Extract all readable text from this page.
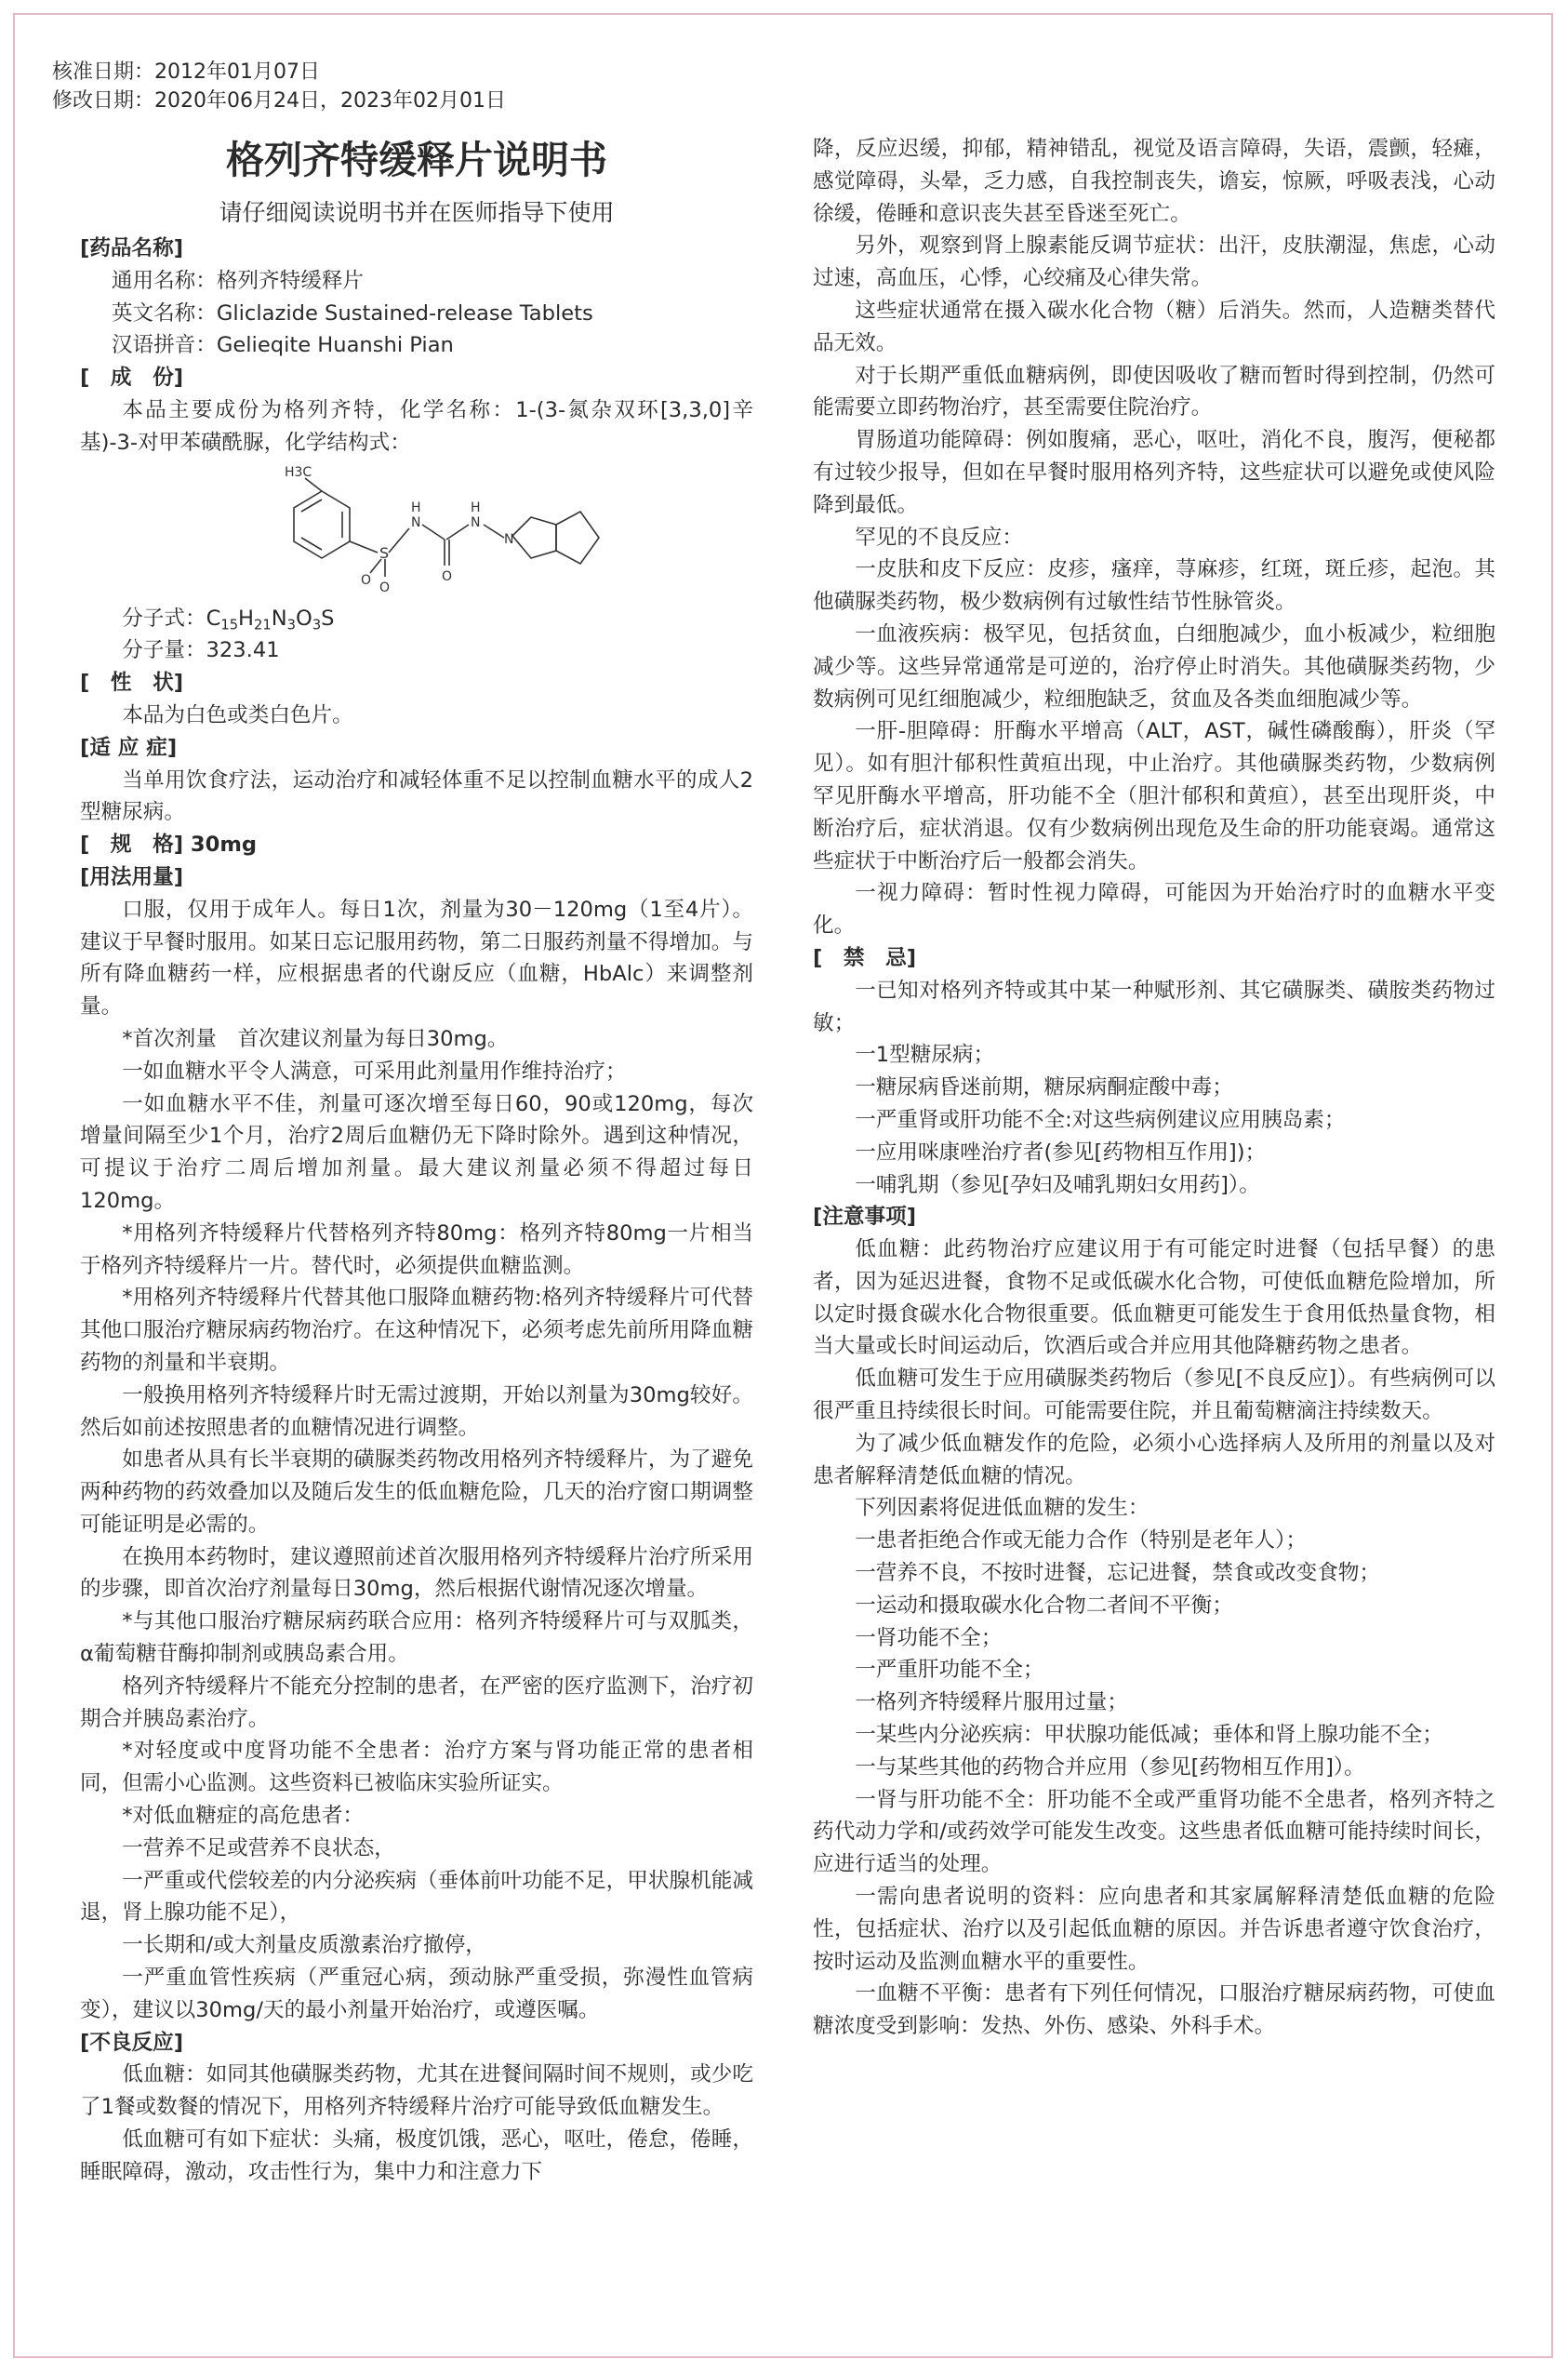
核准日期：2012年01月07日
修改日期：2020年06月24日，2023年02月01日
格列齐特缓释片说明书
请仔细阅读说明书并在医师指导下使用

[药品名称]

通用名称：格列齐特缓释片

英文名称：Gliclazide Sustained-release Tablets

汉语拼音：Gelieqite Huanshi Pian

[成份]

本品主要成份为格列齐特，化学名称：1-(3-氮杂双环[3,3,0]辛基)-3-对甲苯磺酰脲，化学结构式：

H3C
S
O
O
N
H
O
N
H
N

分子式：$C_{15}H_{21}N_3O_3S$

分子量：323.41

[性状]

本品为白色或类白色片。

[适 应 症]

当单用饮食疗法，运动治疗和减轻体重不足以控制血糖水平的成人2型糖尿病。

[规格] 30mg

[用法用量]

口服，仅用于成年人。每日1次，剂量为30－120mg（1至4片）。建议于早餐时服用。如某日忘记服用药物，第二日服药剂量不得增加。与所有降血糖药一样，应根据患者的代谢反应（血糖，HbAlc）来调整剂量。

*首次剂量　首次建议剂量为每日30mg。

一如血糖水平令人满意，可采用此剂量用作维持治疗；

一如血糖水平不佳，剂量可逐次增至每日60，90或120mg，每次增量间隔至少1个月，治疗2周后血糖仍无下降时除外。遇到这种情况，可提议于治疗二周后增加剂量。最大建议剂量必须不得超过每日120mg。

*用格列齐特缓释片代替格列齐特80mg：格列齐特80mg一片相当于格列齐特缓释片一片。替代时，必须提供血糖监测。

*用格列齐特缓释片代替其他口服降血糖药物:格列齐特缓释片可代替其他口服治疗糖尿病药物治疗。在这种情况下，必须考虑先前所用降血糖药物的剂量和半衰期。

一般换用格列齐特缓释片时无需过渡期，开始以剂量为30mg较好。然后如前述按照患者的血糖情况进行调整。

如患者从具有长半衰期的磺脲类药物改用格列齐特缓释片，为了避免两种药物的药效叠加以及随后发生的低血糖危险，几天的治疗窗口期调整可能证明是必需的。

在换用本药物时，建议遵照前述首次服用格列齐特缓释片治疗所采用的步骤，即首次治疗剂量每日30mg，然后根据代谢情况逐次增量。

*与其他口服治疗糖尿病药联合应用：格列齐特缓释片可与双胍类，α葡萄糖苷酶抑制剂或胰岛素合用。

格列齐特缓释片不能充分控制的患者，在严密的医疗监测下，治疗初期合并胰岛素治疗。

*对轻度或中度肾功能不全患者：治疗方案与肾功能正常的患者相同，但需小心监测。这些资料已被临床实验所证实。

*对低血糖症的高危患者：

一营养不足或营养不良状态，

一严重或代偿较差的内分泌疾病（垂体前叶功能不足，甲状腺机能减退，肾上腺功能不足），

一长期和/或大剂量皮质激素治疗撤停，

一严重血管性疾病（严重冠心病，颈动脉严重受损，弥漫性血管病变），建议以30mg/天的最小剂量开始治疗，或遵医嘱。

[不良反应]

低血糖：如同其他磺脲类药物，尤其在进餐间隔时间不规则，或少吃了1餐或数餐的情况下，用格列齐特缓释片治疗可能导致低血糖发生。

低血糖可有如下症状：头痛，极度饥饿，恶心，呕吐，倦怠，倦睡，睡眠障碍，激动，攻击性行为，集中力和注意力下

降，反应迟缓，抑郁，精神错乱，视觉及语言障碍，失语，震颤，轻瘫，感觉障碍，头晕，乏力感，自我控制丧失，谵妄，惊厥，呼吸表浅，心动徐缓，倦睡和意识丧失甚至昏迷至死亡。

另外，观察到肾上腺素能反调节症状：出汗，皮肤潮湿，焦虑，心动过速，高血压，心悸，心绞痛及心律失常。

这些症状通常在摄入碳水化合物（糖）后消失。然而，人造糖类替代品无效。

对于长期严重低血糖病例，即使因吸收了糖而暂时得到控制，仍然可能需要立即药物治疗，甚至需要住院治疗。

胃肠道功能障碍：例如腹痛，恶心，呕吐，消化不良，腹泻，便秘都有过较少报导，但如在早餐时服用格列齐特，这些症状可以避免或使风险降到最低。

罕见的不良反应：

一皮肤和皮下反应：皮疹，瘙痒，荨麻疹，红斑，斑丘疹，起泡。其他磺脲类药物，极少数病例有过敏性结节性脉管炎。

一血液疾病：极罕见，包括贫血，白细胞减少，血小板减少，粒细胞减少等。这些异常通常是可逆的，治疗停止时消失。其他磺脲类药物，少数病例可见红细胞减少，粒细胞缺乏，贫血及各类血细胞减少等。

一肝-胆障碍：肝酶水平增高（ALT，AST，碱性磷酸酶），肝炎（罕见）。如有胆汁郁积性黄疸出现，中止治疗。其他磺脲类药物，少数病例罕见肝酶水平增高，肝功能不全（胆汁郁积和黄疸），甚至出现肝炎，中断治疗后，症状消退。仅有少数病例出现危及生命的肝功能衰竭。通常这些症状于中断治疗后一般都会消失。

一视力障碍：暂时性视力障碍，可能因为开始治疗时的血糖水平变化。

[禁忌]

一已知对格列齐特或其中某一种赋形剂、其它磺脲类、磺胺类药物过敏；

一1型糖尿病；

一糖尿病昏迷前期，糖尿病酮症酸中毒；

一严重肾或肝功能不全:对这些病例建议应用胰岛素；

一应用咪康唑治疗者(参见[药物相互作用])；

一哺乳期（参见[孕妇及哺乳期妇女用药]）。

[注意事项]

低血糖：此药物治疗应建议用于有可能定时进餐（包括早餐）的患者，因为延迟进餐，食物不足或低碳水化合物，可使低血糖危险增加，所以定时摄食碳水化合物很重要。低血糖更可能发生于食用低热量食物，相当大量或长时间运动后，饮酒后或合并应用其他降糖药物之患者。

低血糖可发生于应用磺脲类药物后（参见[不良反应]）。有些病例可以很严重且持续很长时间。可能需要住院，并且葡萄糖滴注持续数天。

为了减少低血糖发作的危险，必须小心选择病人及所用的剂量以及对患者解释清楚低血糖的情况。

下列因素将促进低血糖的发生：

一患者拒绝合作或无能力合作（特别是老年人）；

一营养不良，不按时进餐，忘记进餐，禁食或改变食物；

一运动和摄取碳水化合物二者间不平衡；

一肾功能不全；

一严重肝功能不全；

一格列齐特缓释片服用过量；

一某些内分泌疾病：甲状腺功能低减；垂体和肾上腺功能不全；

一与某些其他的药物合并应用（参见[药物相互作用]）。

一肾与肝功能不全：肝功能不全或严重肾功能不全患者，格列齐特之药代动力学和/或药效学可能发生改变。这些患者低血糖可能持续时间长，应进行适当的处理。

一需向患者说明的资料：应向患者和其家属解释清楚低血糖的危险性，包括症状、治疗以及引起低血糖的原因。并告诉患者遵守饮食治疗，按时运动及监测血糖水平的重要性。

一血糖不平衡：患者有下列任何情况，口服治疗糖尿病药物，可使血糖浓度受到影响：发热、外伤、感染、外科手术。
